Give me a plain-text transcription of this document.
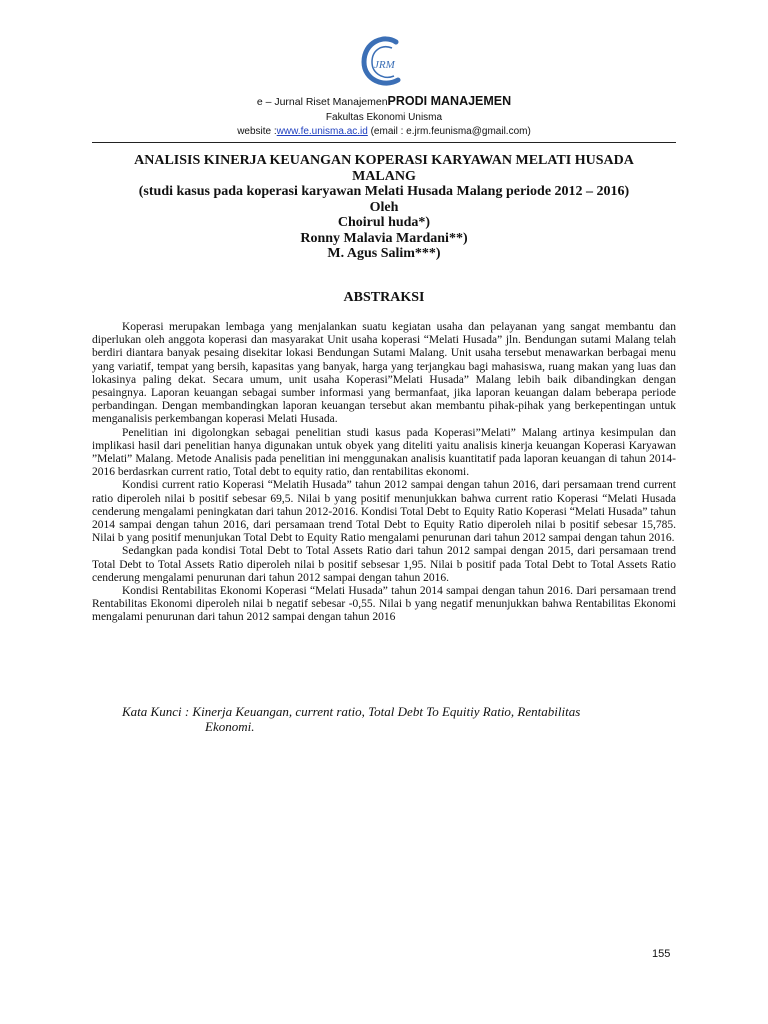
JRM
e – Jurnal Riset ManajemenPRODI MANAJEMEN
Fakultas Ekonomi Unisma
website :www.fe.unisma.ac.id (email : e.jrm.feunisma@gmail.com)
ANALISIS KINERJA KEUANGAN KOPERASI KARYAWAN MELATI HUSADA
MALANG
(studi kasus pada koperasi karyawan Melati Husada Malang periode 2012 – 2016)
Oleh
Choirul huda*)
Ronny Malavia Mardani**)
M. Agus Salim***)
ABSTRAKSI

Koperasi merupakan lembaga yang menjalankan suatu kegiatan usaha dan pelayanan yang sangat membantu dan diperlukan oleh anggota koperasi dan masyarakat Unit usaha koperasi “Melati Husada” jln. Bendungan sutami Malang telah berdiri diantara banyak pesaing disekitar lokasi Bendungan Sutami Malang. Unit usaha tersebut menawarkan berbagai menu yang variatif, tempat yang bersih, kapasitas yang banyak, harga yang terjangkau bagi mahasiswa, ruang makan yang luas dan lokasinya paling dekat. Secara umum, unit usaha Koperasi”Melati Husada” Malang lebih baik dibandingkan dengan pesaingnya. Laporan keuangan sebagai sumber informasi yang bermanfaat, jika laporan keuangan dalam beberapa periode perbandingan. Dengan membandingkan laporan keuangan tersebut akan membantu pihak-pihak yang berkepentingan untuk menganalisis perkembangan koperasi Melati Husada.

Penelitian ini digolongkan sebagai penelitian studi kasus pada Koperasi”Melati” Malang artinya kesimpulan dan implikasi hasil dari penelitian hanya digunakan untuk obyek yang diteliti yaitu analisis kinerja keuangan Koperasi Karyawan ”Melati” Malang. Metode Analisis pada penelitian ini menggunakan analisis kuantitatif pada laporan keuangan di tahun 2014-2016 berdasrkan current ratio, Total debt to equity ratio, dan rentabilitas ekonomi.

Kondisi current ratio Koperasi “Melatih Husada” tahun 2012 sampai dengan tahun 2016, dari persamaan trend current ratio diperoleh nilai b positif sebesar 69,5. Nilai b yang positif menunjukkan bahwa current ratio Koperasi “Melati Husada cenderung mengalami peningkatan dari tahun 2012-2016. Kondisi Total Debt to Equity Ratio Koperasi “Melati Husada” tahun 2014 sampai dengan tahun 2016, dari persamaan trend Total Debt to Equity Ratio diperoleh nilai b positif sebesar 15,785. Nilai b yang positif menunjukan Total Debt to Equity Ratio mengalami penurunan dari tahun 2012 sampai dengan tahun 2016.

Sedangkan pada kondisi Total Debt to Total Assets Ratio dari tahun 2012 sampai dengan 2015, dari persamaan trend Total Debt to Total Assets Ratio diperoleh nilai b positif sebsesar 1,95. Nilai b positif pada Total Debt to Total Assets Ratio cenderung mengalami penurunan dari tahun 2012 sampai dengan tahun 2016.

Kondisi Rentabilitas Ekonomi Koperasi “Melati Husada” tahun 2014 sampai dengan tahun 2016. Dari persamaan trend Rentabilitas Ekonomi diperoleh nilai b negatif sebesar -0,55. Nilai b yang negatif menunjukkan bahwa Rentabilitas Ekonomi mengalami penurunan dari tahun 2012 sampai dengan tahun 2016

Kata Kunci : Kinerja Keuangan, current ratio, Total Debt To Equitiy Ratio, Rentabilitas
Ekonomi.
155
